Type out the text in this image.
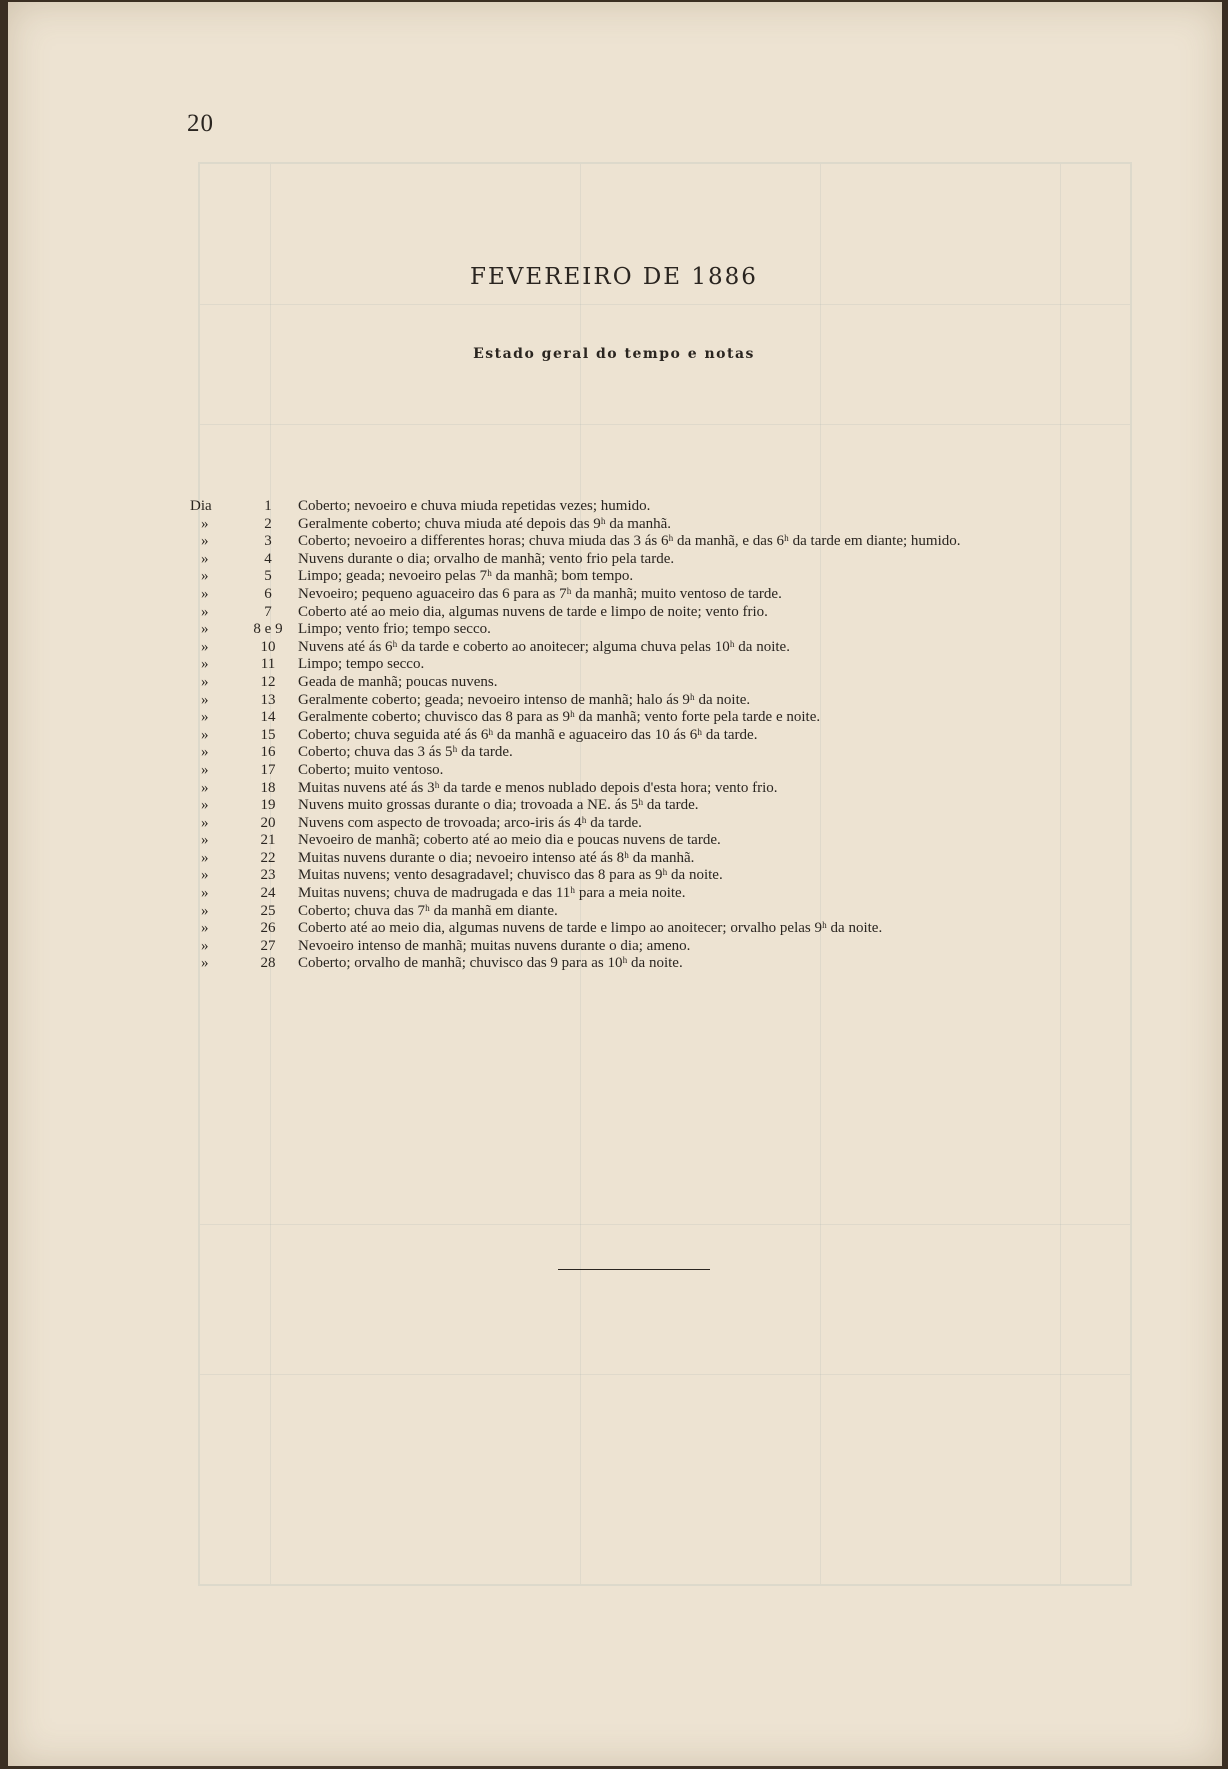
20
FEVEREIRO DE 1886
Estado geral do tempo e notas
Dia	1	Coberto; nevoeiro e chuva miuda repetidas vezes; humido.
»	2	Geralmente coberto; chuva miuda até depois das 9ʰ da manhã.
»	3	Coberto; nevoeiro a differentes horas; chuva miuda das 3 ás 6ʰ da manhã, e das 6ʰ da tarde em diante; humido.
»	4	Nuvens durante o dia; orvalho de manhã; vento frio pela tarde.
»	5	Limpo; geada; nevoeiro pelas 7ʰ da manhã; bom tempo.
»	6	Nevoeiro; pequeno aguaceiro das 6 para as 7ʰ da manhã; muito ventoso de tarde.
»	7	Coberto até ao meio dia, algumas nuvens de tarde e limpo de noite; vento frio.
»	8 e 9	Limpo; vento frio; tempo secco.
»	10	Nuvens até ás 6ʰ da tarde e coberto ao anoitecer; alguma chuva pelas 10ʰ da noite.
»	11	Limpo; tempo secco.
»	12	Geada de manhã; poucas nuvens.
»	13	Geralmente coberto; geada; nevoeiro intenso de manhã; halo ás 9ʰ da noite.
»	14	Geralmente coberto; chuvisco das 8 para as 9ʰ da manhã; vento forte pela tarde e noite.
»	15	Coberto; chuva seguida até ás 6ʰ da manhã e aguaceiro das 10 ás 6ʰ da tarde.
»	16	Coberto; chuva das 3 ás 5ʰ da tarde.
»	17	Coberto; muito ventoso.
»	18	Muitas nuvens até ás 3ʰ da tarde e menos nublado depois d'esta hora; vento frio.
»	19	Nuvens muito grossas durante o dia; trovoada a NE. ás 5ʰ da tarde.
»	20	Nuvens com aspecto de trovoada; arco-iris ás 4ʰ da tarde.
»	21	Nevoeiro de manhã; coberto até ao meio dia e poucas nuvens de tarde.
»	22	Muitas nuvens durante o dia; nevoeiro intenso até ás 8ʰ da manhã.
»	23	Muitas nuvens; vento desagradavel; chuvisco das 8 para as 9ʰ da noite.
»	24	Muitas nuvens; chuva de madrugada e das 11ʰ para a meia noite.
»	25	Coberto; chuva das 7ʰ da manhã em diante.
»	26	Coberto até ao meio dia, algumas nuvens de tarde e limpo ao anoitecer; orvalho pelas 9ʰ da noite.
»	27	Nevoeiro intenso de manhã; muitas nuvens durante o dia; ameno.
»	28	Coberto; orvalho de manhã; chuvisco das 9 para as 10ʰ da noite.
